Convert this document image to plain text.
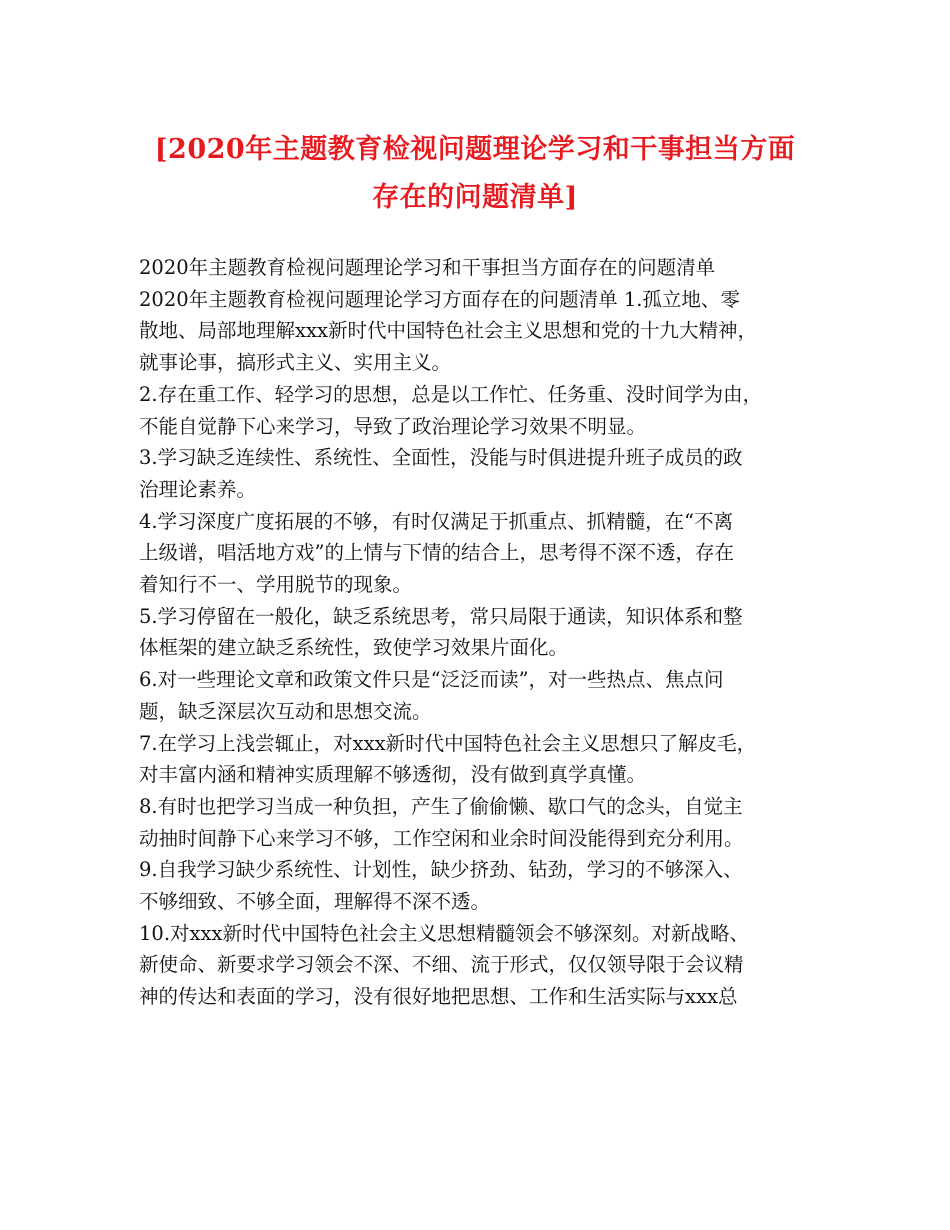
[2020年主题教育检视问题理论学习和干事担当方面
存在的问题清单]
2020年主题教育检视问题理论学习和干事担当方面存在的问题清单
2020年主题教育检视问题理论学习方面存在的问题清单 1.孤立地、零
散地、局部地理解xxx新时代中国特色社会主义思想和党的十九大精神，
就事论事，搞形式主义、实用主义。
2.存在重工作、轻学习的思想，总是以工作忙、任务重、没时间学为由，
不能自觉静下心来学习，导致了政治理论学习效果不明显。
3.学习缺乏连续性、系统性、全面性，没能与时俱进提升班子成员的政
治理论素养。
4.学习深度广度拓展的不够，有时仅满足于抓重点、抓精髓，在“不离
上级谱，唱活地方戏”的上情与下情的结合上，思考得不深不透，存在
着知行不一、学用脱节的现象。
5.学习停留在一般化，缺乏系统思考，常只局限于通读，知识体系和整
体框架的建立缺乏系统性，致使学习效果片面化。
6.对一些理论文章和政策文件只是“泛泛而读”，对一些热点、焦点问
题，缺乏深层次互动和思想交流。
7.在学习上浅尝辄止，对xxx新时代中国特色社会主义思想只了解皮毛，
对丰富内涵和精神实质理解不够透彻，没有做到真学真懂。
8.有时也把学习当成一种负担，产生了偷偷懒、歇口气的念头，自觉主
动抽时间静下心来学习不够，工作空闲和业余时间没能得到充分利用。
9.自我学习缺少系统性、计划性，缺少挤劲、钻劲，学习的不够深入、
不够细致、不够全面，理解得不深不透。
10.对xxx新时代中国特色社会主义思想精髓领会不够深刻。对新战略、
新使命、新要求学习领会不深、不细、流于形式，仅仅领导限于会议精
神的传达和表面的学习，没有很好地把思想、工作和生活实际与xxx总
